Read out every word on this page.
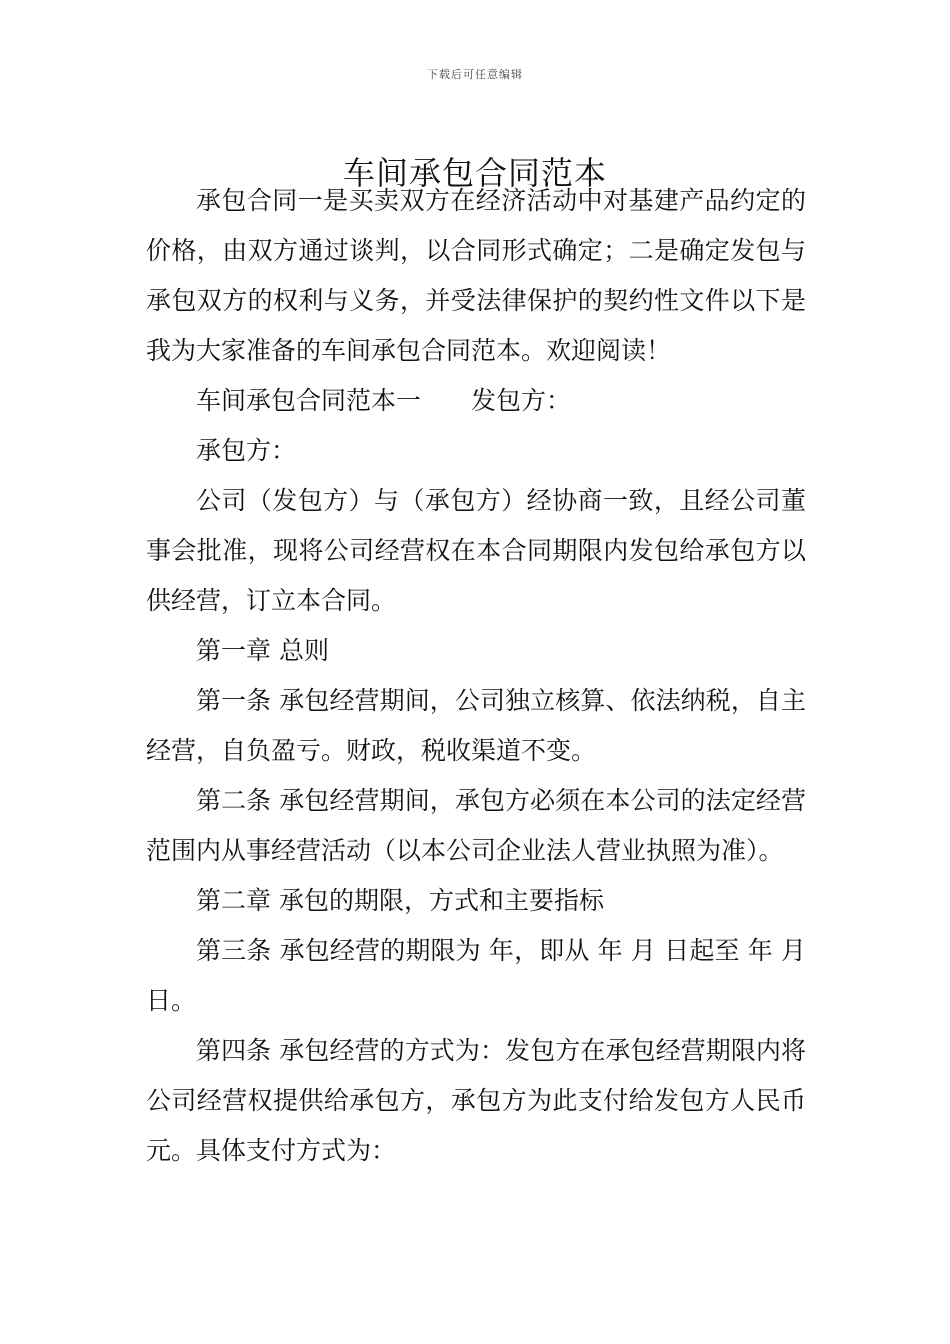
下载后可任意编辑
车间承包合同范本

承包合同一是买卖双方在经济活动中对基建产品约定的价格，由双方通过谈判，以合同形式确定；二是确定发包与承包双方的权利与义务，并受法律保护的契约性文件以下是我为大家准备的车间承包合同范本。欢迎阅读！

车间承包合同范本一　　发包方：

承包方：

公司（发包方）与（承包方）经协商一致，且经公司董事会批准，现将公司经营权在本合同期限内发包给承包方以供经营，订立本合同。

第一章 总则

第一条 承包经营期间，公司独立核算、依法纳税，自主经营，自负盈亏。财政，税收渠道不变。

第二条 承包经营期间，承包方必须在本公司的法定经营范围内从事经营活动（以本公司企业法人营业执照为准）。

第二章 承包的期限，方式和主要指标

第三条 承包经营的期限为 年，即从 年 月 日起至 年 月 日。

第四条 承包经营的方式为：发包方在承包经营期限内将公司经营权提供给承包方，承包方为此支付给发包方人民币 元。具体支付方式为：
